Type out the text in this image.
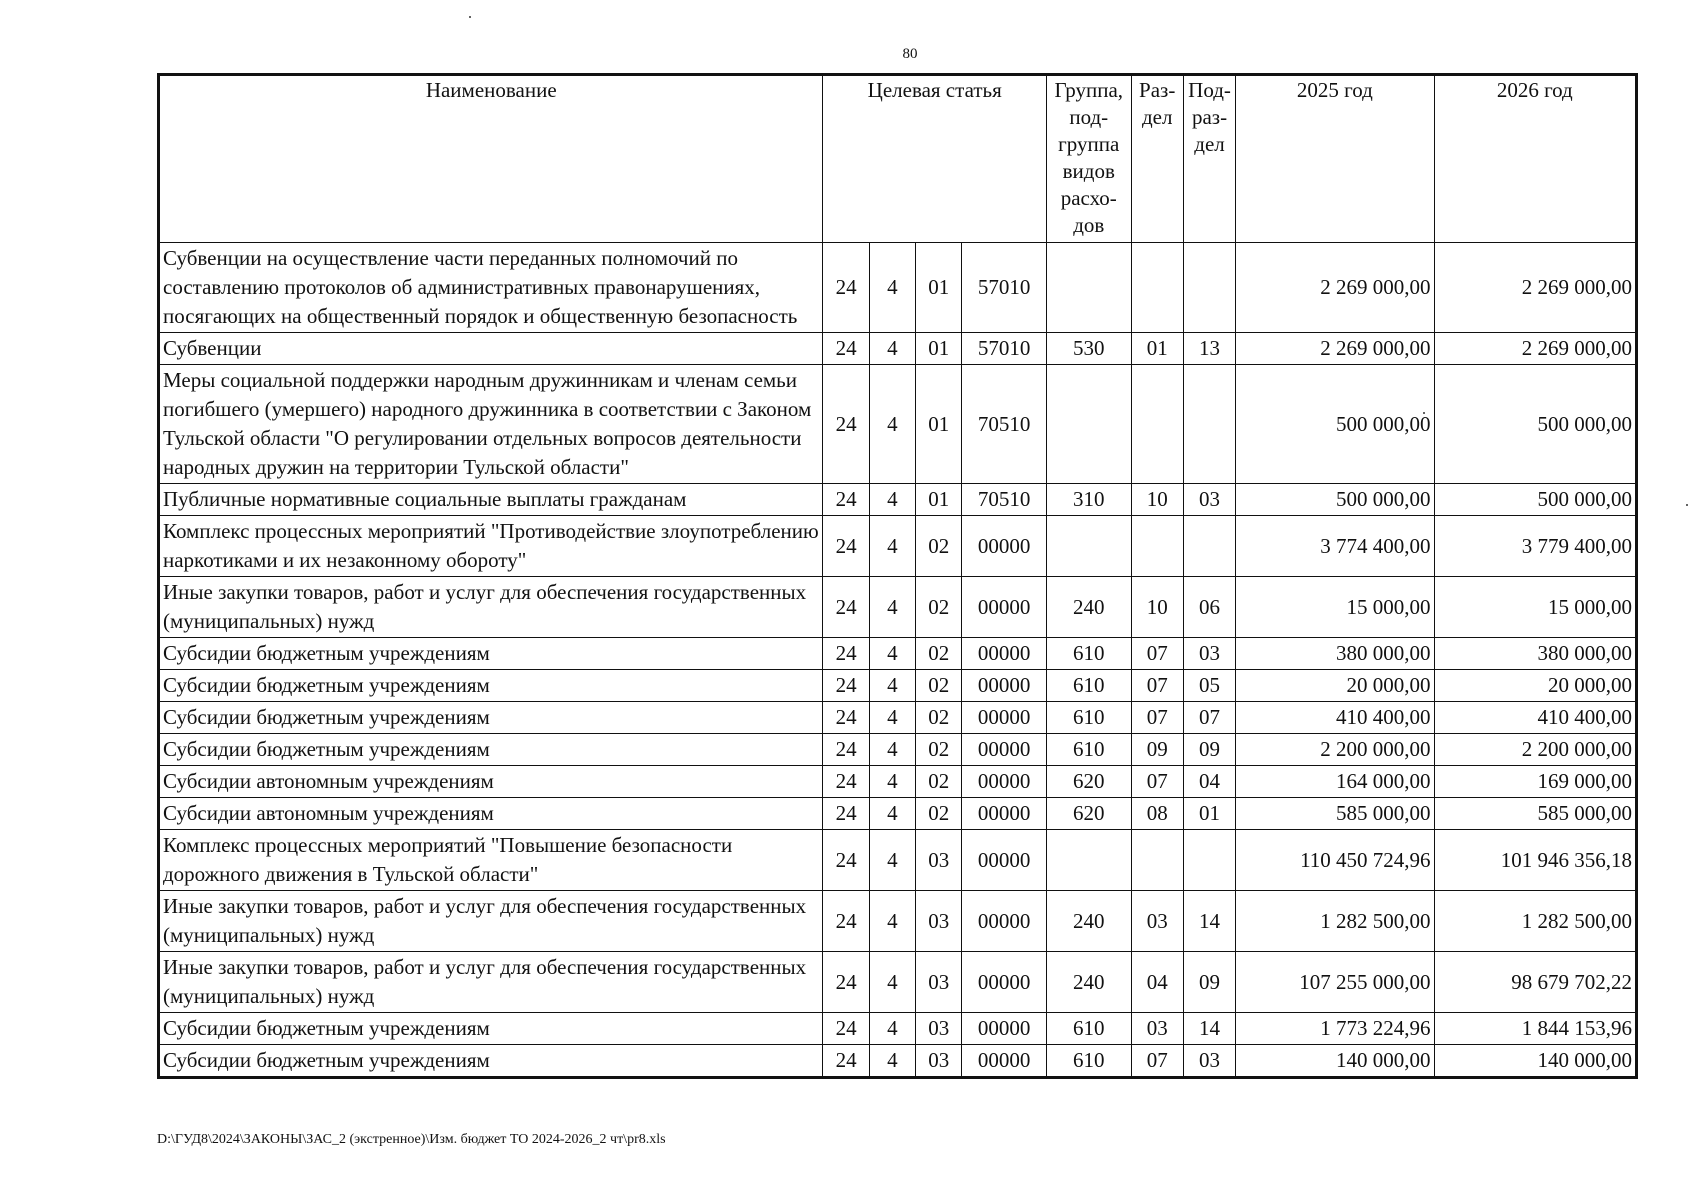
80
Наименование	Целевая статья				Группа, под-группа видов расхо-дов	Раз-дел	Под-раз-дел	2025 год	2026 год
Субвенции на осуществление части переданных полномочий по составлению протоколов об административных правонарушениях, посягающих на общественный порядок и общественную безопасность	24	4	01	57010				2 269 000,00	2 269 000,00
Субвенции	24	4	01	57010	530	01	13	2 269 000,00	2 269 000,00
Меры социальной поддержки народным дружинникам и членам семьи погибшего (умершего) народного дружинника в соответствии с Законом Тульской области "О регулировании отдельных вопросов деятельности народных дружин на территории Тульской области"	24	4	01	70510				500 000,00	500 000,00
Публичные нормативные социальные выплаты гражданам	24	4	01	70510	310	10	03	500 000,00	500 000,00
Комплекс процессных мероприятий "Противодействие злоупотреблению наркотиками и их незаконному обороту"	24	4	02	00000				3 774 400,00	3 779 400,00
Иные закупки товаров, работ и услуг для обеспечения государственных (муниципальных) нужд	24	4	02	00000	240	10	06	15 000,00	15 000,00
Субсидии бюджетным учреждениям	24	4	02	00000	610	07	03	380 000,00	380 000,00
Субсидии бюджетным учреждениям	24	4	02	00000	610	07	05	20 000,00	20 000,00
Субсидии бюджетным учреждениям	24	4	02	00000	610	07	07	410 400,00	410 400,00
Субсидии бюджетным учреждениям	24	4	02	00000	610	09	09	2 200 000,00	2 200 000,00
Субсидии автономным учреждениям	24	4	02	00000	620	07	04	164 000,00	169 000,00
Субсидии автономным учреждениям	24	4	02	00000	620	08	01	585 000,00	585 000,00
Комплекс процессных мероприятий "Повышение безопасности дорожного движения в Тульской области"	24	4	03	00000				110 450 724,96	101 946 356,18
Иные закупки товаров, работ и услуг для обеспечения государственных (муниципальных) нужд	24	4	03	00000	240	03	14	1 282 500,00	1 282 500,00
Иные закупки товаров, работ и услуг для обеспечения государственных (муниципальных) нужд	24	4	03	00000	240	04	09	107 255 000,00	98 679 702,22
Субсидии бюджетным учреждениям	24	4	03	00000	610	03	14	1 773 224,96	1 844 153,96
Субсидии бюджетным учреждениям	24	4	03	00000	610	07	03	140 000,00	140 000,00
D:\ГУД8\2024\ЗАКОНЫ\ЗАС_2 (экстренное)\Изм. бюджет ТО 2024-2026_2 чт\pr8.xls
